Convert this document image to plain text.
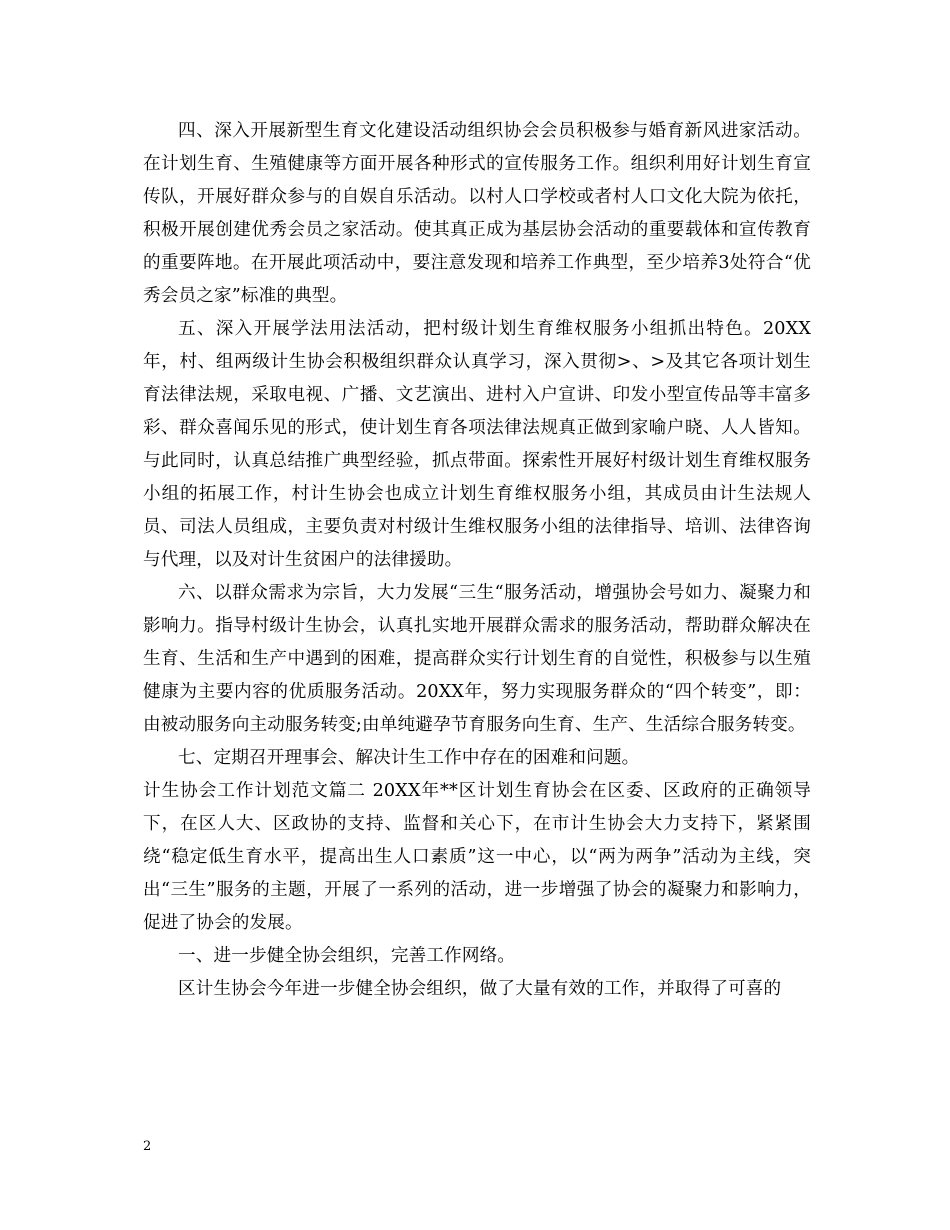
四、深入开展新型生育文化建设活动组织协会会员积极参与婚育新风进家活动。在计划生育、生殖健康等方面开展各种形式的宣传服务工作。组织利用好计划生育宣传队，开展好群众参与的自娱自乐活动。以村人口学校或者村人口文化大院为依托，积极开展创建优秀会员之家活动。使其真正成为基层协会活动的重要载体和宣传教育的重要阵地。在开展此项活动中，要注意发现和培养工作典型，至少培养3处符合“优秀会员之家”标准的典型。

五、深入开展学法用法活动，把村级计划生育维权服务小组抓出特色。20XX年，村、组两级计生协会积极组织群众认真学习，深入贯彻>、>及其它各项计划生育法律法规，采取电视、广播、文艺演出、进村入户宣讲、印发小型宣传品等丰富多彩、群众喜闻乐见的形式，使计划生育各项法律法规真正做到家喻户晓、人人皆知。与此同时，认真总结推广典型经验，抓点带面。探索性开展好村级计划生育维权服务小组的拓展工作，村计生协会也成立计划生育维权服务小组，其成员由计生法规人员、司法人员组成，主要负责对村级计生维权服务小组的法律指导、培训、法律咨询与代理，以及对计生贫困户的法律援助。

六、以群众需求为宗旨，大力发展“三生“服务活动，增强协会号如力、凝聚力和影响力。指导村级计生协会，认真扎实地开展群众需求的服务活动，帮助群众解决在生育、生活和生产中遇到的困难，提高群众实行计划生育的自觉性，积极参与以生殖健康为主要内容的优质服务活动。20XX年，努力实现服务群众的“四个转变”，即：由被动服务向主动服务转变;由单纯避孕节育服务向生育、生产、生活综合服务转变。

七、定期召开理事会、解决计生工作中存在的困难和问题。

计生协会工作计划范文篇二 20XX年**区计划生育协会在区委、区政府的正确领导下，在区人大、区政协的支持、监督和关心下，在市计生协会大力支持下，紧紧围绕“稳定低生育水平，提高出生人口素质”这一中心，以“两为两争”活动为主线，突出“三生”服务的主题，开展了一系列的活动，进一步增强了协会的凝聚力和影响力，促进了协会的发展。

一、进一步健全协会组织，完善工作网络。

区计生协会今年进一步健全协会组织，做了大量有效的工作，并取得了可喜的

2
